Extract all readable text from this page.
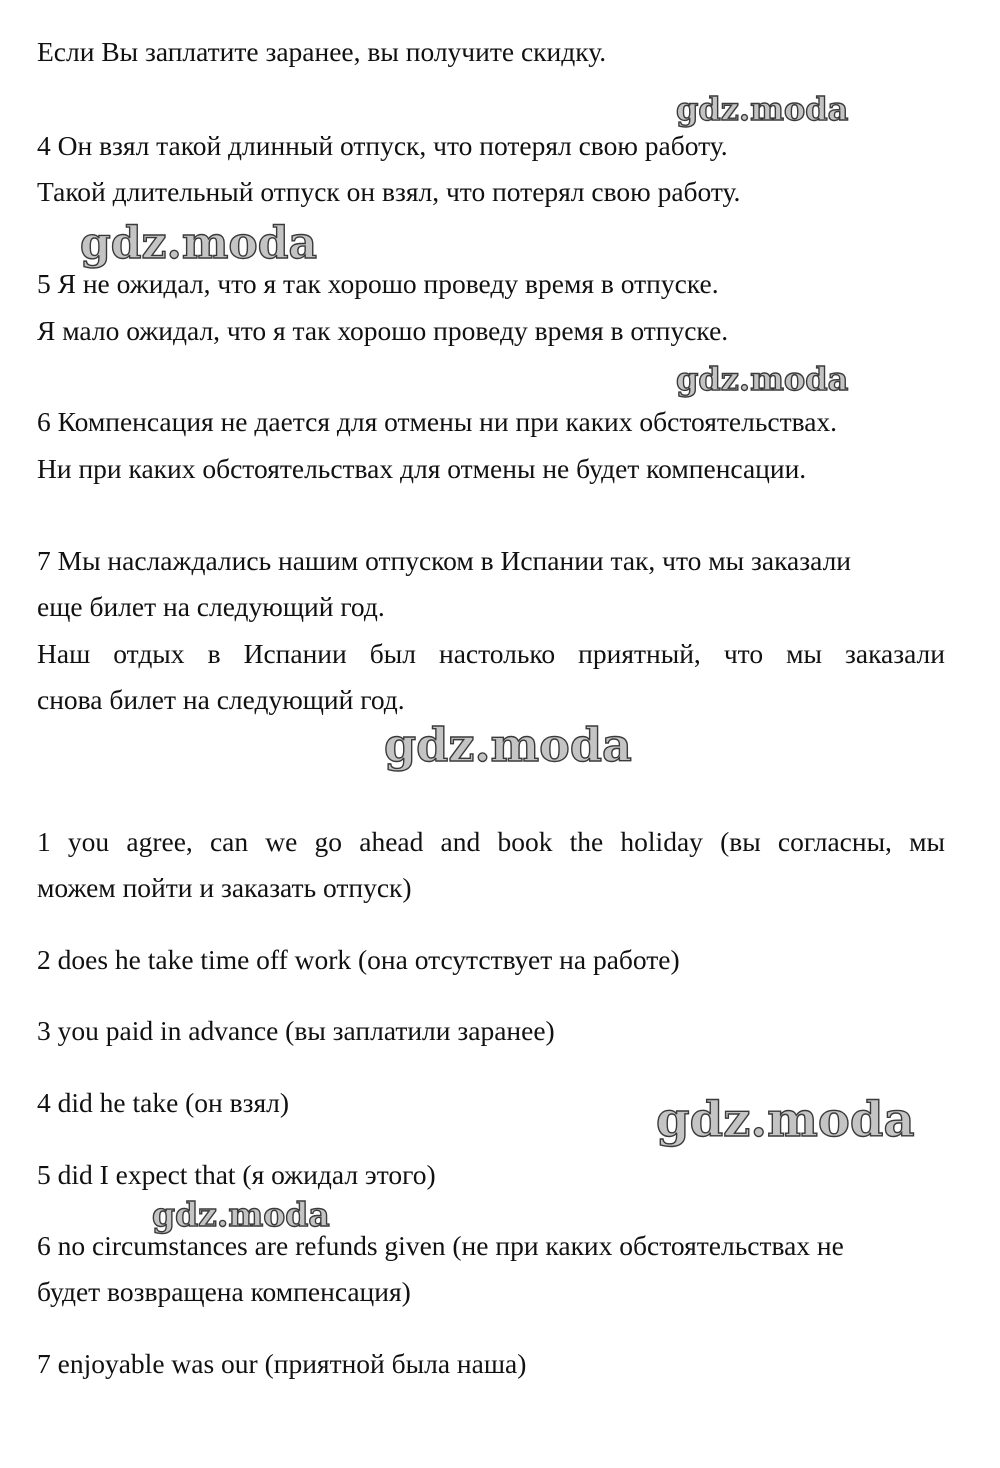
Если Вы заплатите заранее, вы получите скидку.
4 Он взял такой длинный отпуск, что потерял свою работу.
Такой длительный отпуск он взял, что потерял свою работу.
5 Я не ожидал, что я так хорошо проведу время в отпуске.
Я мало ожидал, что я так хорошо проведу время в отпуске.
6 Компенсация не дается для отмены ни при каких обстоятельствах.
Ни при каких обстоятельствах для отмены не будет компенсации.
7 Мы наслаждались нашим отпуском в Испании так, что мы заказали
еще билет на следующий год.
Наш отдых в Испании был настолько приятный, что мы заказали
снова билет на следующий год.
1 you agree, can we go ahead and book the holiday (вы согласны, мы
можем пойти и заказать отпуск)
2 does he take time off work (она отсутствует на работе)
3 you paid in advance (вы заплатили заранее)
4 did he take (он взял)
5 did I expect that (я ожидал этого)
6 no circumstances are refunds given (не при каких обстоятельствах не
будет возвращена компенсация)
7 enjoyable was our (приятной была наша)
gdz.moda
gdz.moda
gdz.moda
gdz.moda
gdz.moda
gdz.moda
